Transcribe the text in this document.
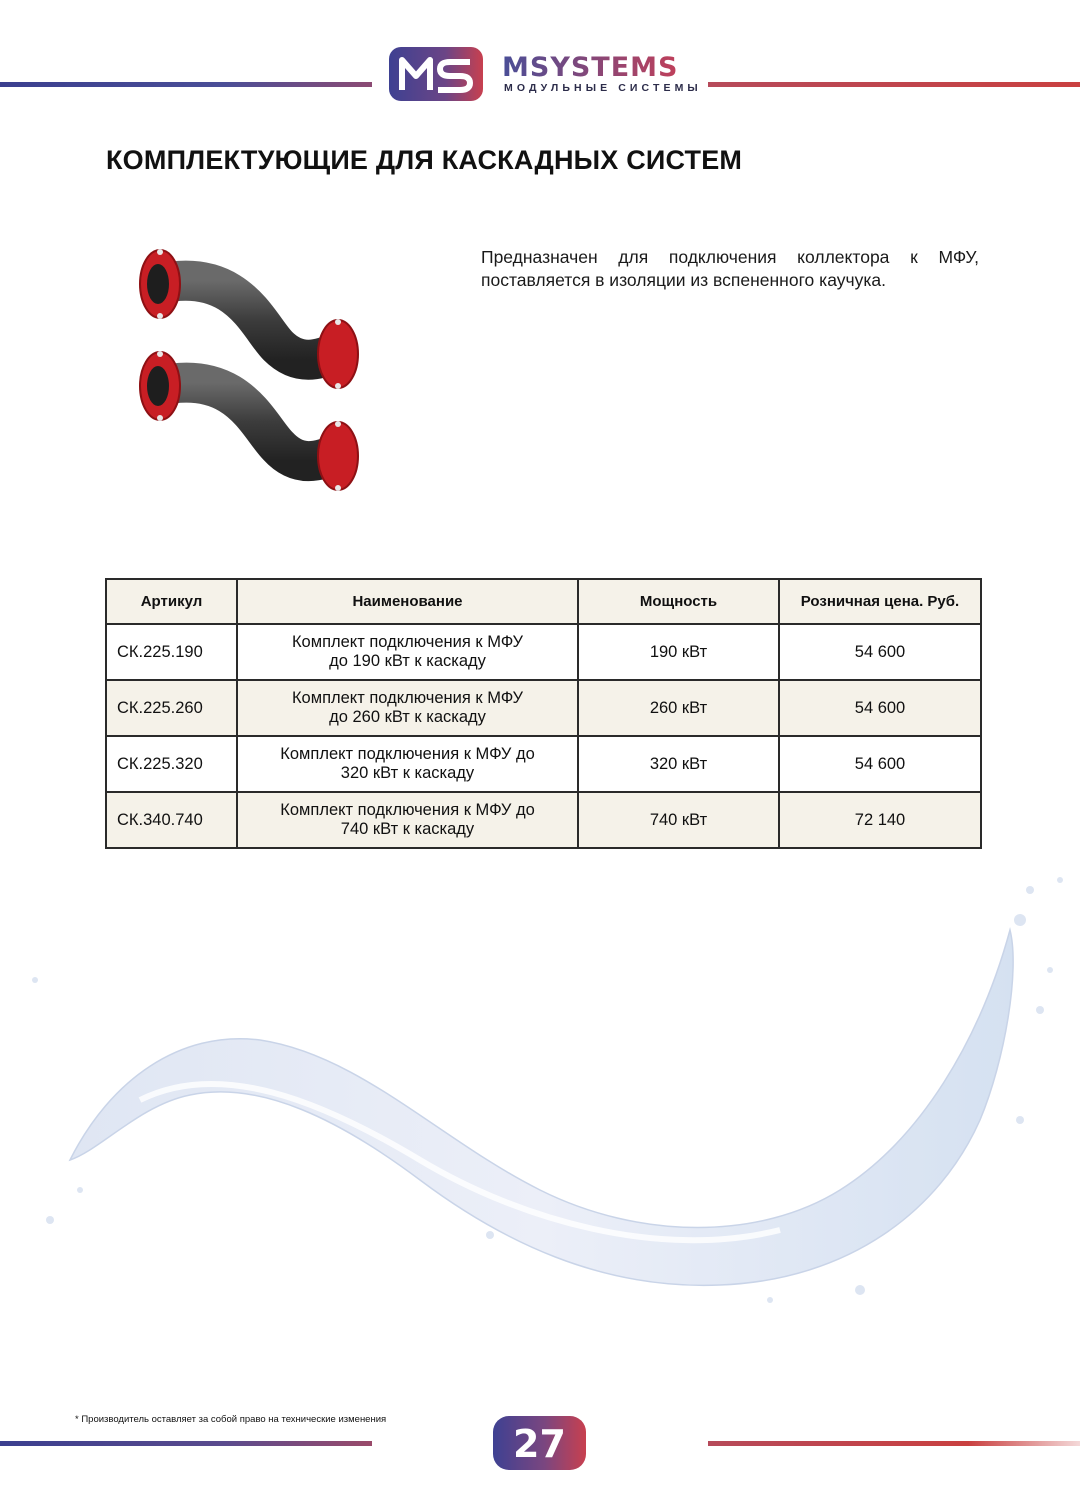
MSYSTEMS
МОДУЛЬНЫЕ СИСТЕМЫ
КОМПЛЕКТУЮЩИЕ ДЛЯ КАСКАДНЫХ СИСТЕМ
Предназначен для подключения коллектора к МФУ, поставляется в изоляции из вспененного каучука.
Артикул	Наименование	Мощность	Розничная цена. Руб.
СК.225.190	Комплект подключения к МФУ
до 190 кВт к каскаду	190 кВт	54 600
СК.225.260	Комплект подключения к МФУ
до 260 кВт к каскаду	260 кВт	54 600
СК.225.320	Комплект подключения к МФУ до
320 кВт к каскаду	320 кВт	54 600
СК.340.740	Комплект подключения к МФУ до
740 кВт к каскаду	740 кВт	72 140
* Производитель оставляет за собой право на технические изменения
27
